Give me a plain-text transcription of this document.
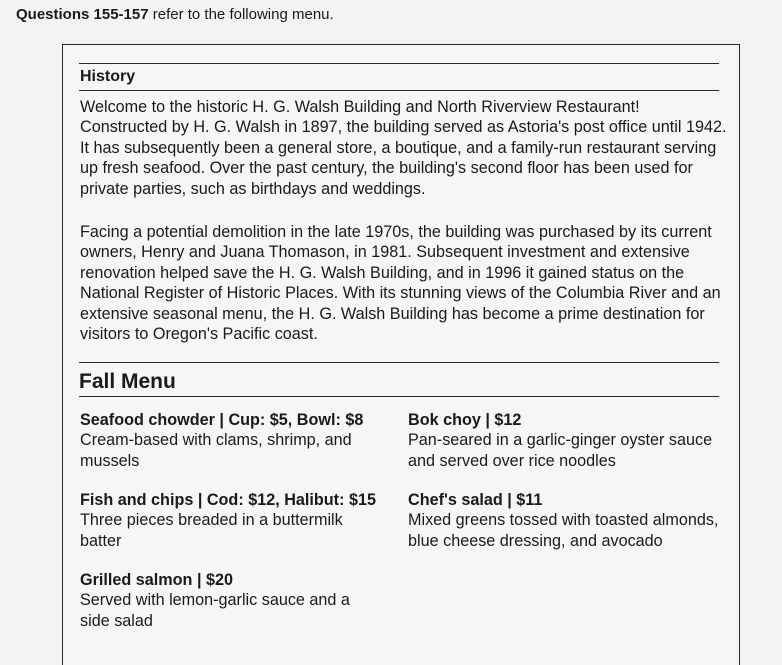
Questions 155-157 refer to the following menu.
History

Welcome to the historic H. G. Walsh Building and North Riverview Restaurant! Constructed by H. G. Walsh in 1897, the building served as Astoria's post office until 1942. It has subsequently been a general store, a boutique, and a family-run restaurant serving up fresh seafood. Over the past century, the building's second floor has been used for private parties, such as birthdays and weddings.

Facing a potential demolition in the late 1970s, the building was purchased by its current owners, Henry and Juana Thomason, in 1981. Subsequent investment and extensive renovation helped save the H. G. Walsh Building, and in 1996 it gained status on the National Register of Historic Places. With its stunning views of the Columbia River and an extensive seasonal menu, the H. G. Walsh Building has become a prime destination for visitors to Oregon's Pacific coast.

Fall Menu
Seafood chowder | Cup: $5, Bowl: $8
Cream-based with clams, shrimp, and mussels
Bok choy | $12
Pan-seared in a garlic-ginger oyster sauce and served over rice noodles
Fish and chips | Cod: $12, Halibut: $15
Three pieces breaded in a buttermilk batter
Chef's salad | $11
Mixed greens tossed with toasted almonds, blue cheese dressing, and avocado
Grilled salmon | $20
Served with lemon-garlic sauce and a side salad
